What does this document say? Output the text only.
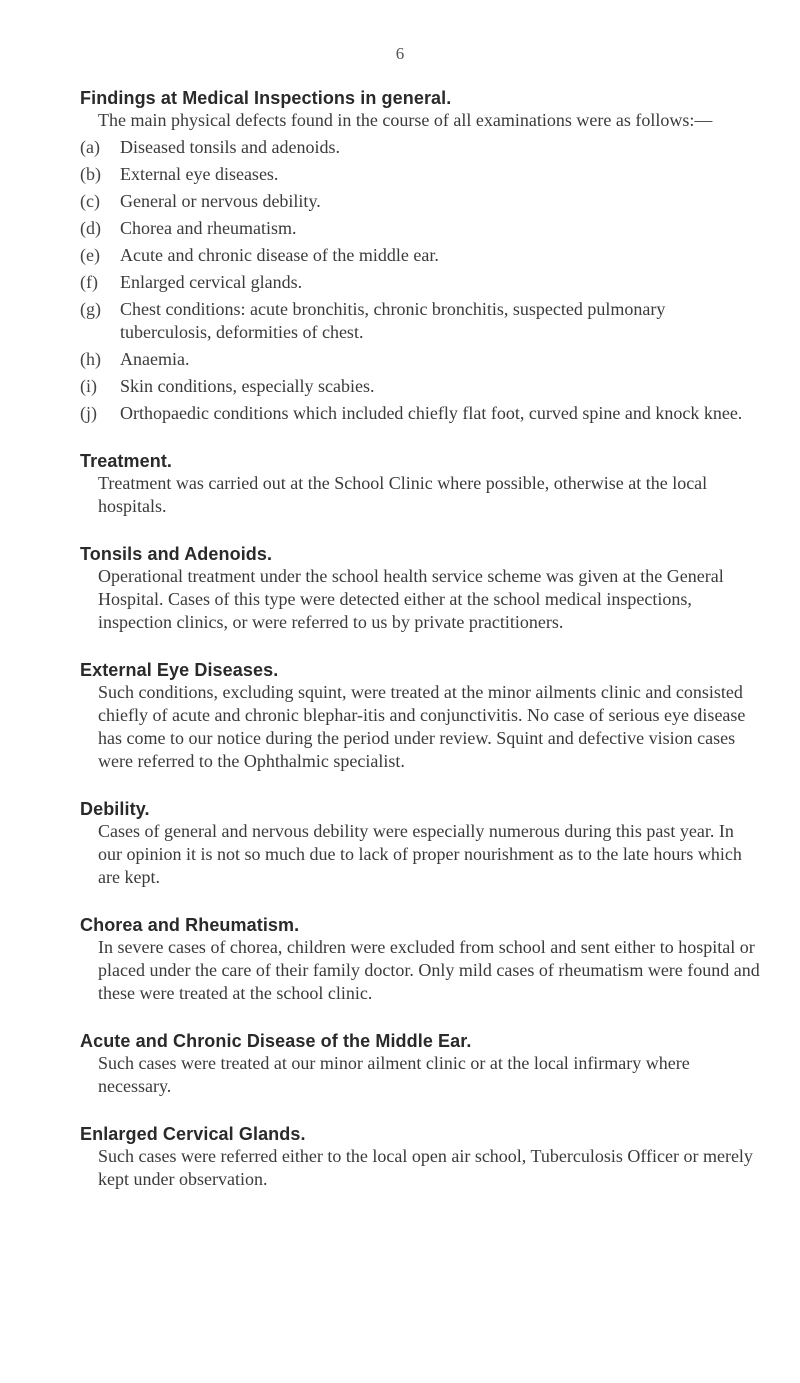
6
Findings at Medical Inspections in general.

The main physical defects found in the course of all examinations were as follows:—

(a)	Diseased tonsils and adenoids.
(b)	External eye diseases.
(c)	General or nervous debility.
(d)	Chorea and rheumatism.
(e)	Acute and chronic disease of the middle ear.
(f)	Enlarged cervical glands.
(g)	Chest conditions: acute bronchitis, chronic bronchitis, suspected pulmonary tuberculosis, deformities of chest.
(h)	Anaemia.
(i)	Skin conditions, especially scabies.
(j)	Orthopaedic conditions which included chiefly flat foot, curved spine and knock knee.
Treatment.

Treatment was carried out at the School Clinic where possible, otherwise at the local hospitals.

Tonsils and Adenoids.

Operational treatment under the school health service scheme was given at the General Hospital. Cases of this type were detected either at the school medical inspections, inspection clinics, or were referred to us by private practitioners.

External Eye Diseases.

Such conditions, excluding squint, were treated at the minor ailments clinic and consisted chiefly of acute and chronic blephar-itis and conjunctivitis. No case of serious eye disease has come to our notice during the period under review. Squint and defective vision cases were referred to the Ophthalmic specialist.

Debility.

Cases of general and nervous debility were especially numerous during this past year. In our opinion it is not so much due to lack of proper nourishment as to the late hours which are kept.

Chorea and Rheumatism.

In severe cases of chorea, children were excluded from school and sent either to hospital or placed under the care of their family doctor. Only mild cases of rheumatism were found and these were treated at the school clinic.

Acute and Chronic Disease of the Middle Ear.

Such cases were treated at our minor ailment clinic or at the local infirmary where necessary.

Enlarged Cervical Glands.

Such cases were referred either to the local open air school, Tuberculosis Officer or merely kept under observation.
